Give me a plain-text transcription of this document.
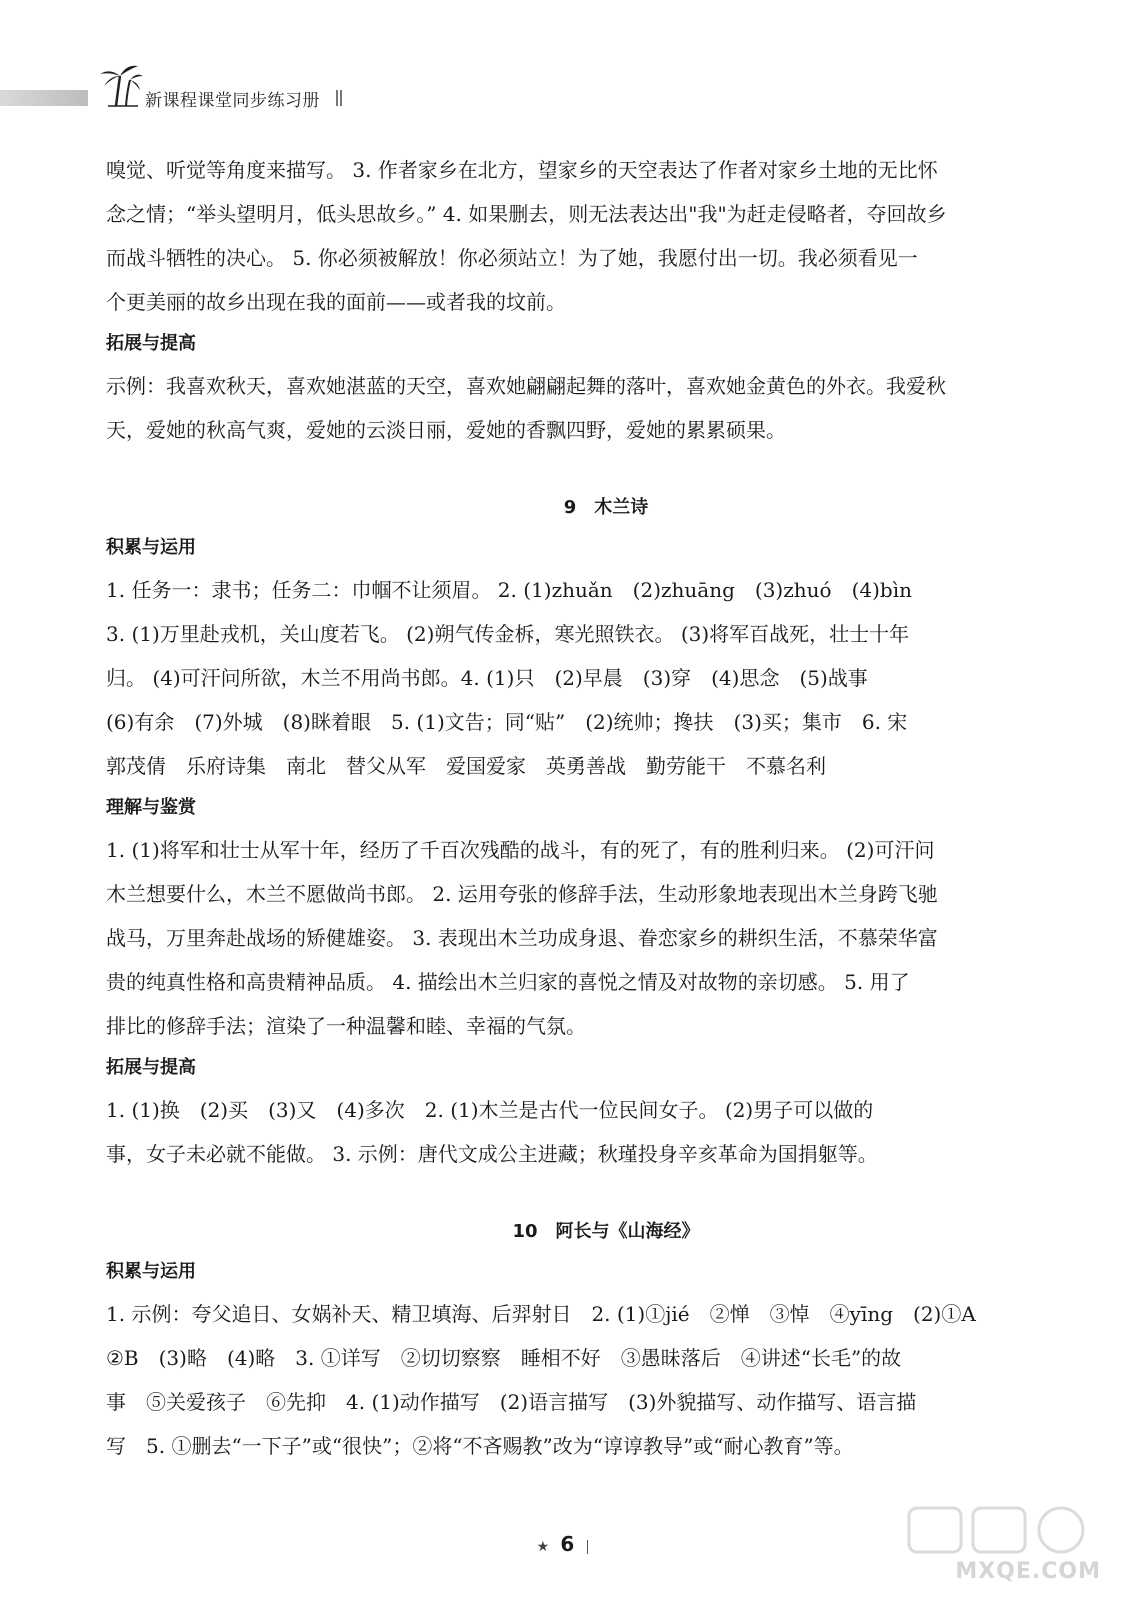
新课程课堂同步练习册

嗅觉、听觉等角度来描写。 3. 作者家乡在北方，望家乡的天空表达了作者对家乡土地的无比怀

念之情；“举头望明月，低头思故乡。” 4. 如果删去，则无法表达出"我"为赶走侵略者，夺回故乡

而战斗牺牲的决心。 5. 你必须被解放！你必须站立！为了她，我愿付出一切。我必须看见一

个更美丽的故乡出现在我的面前——或者我的坟前。

拓展与提高

示例：我喜欢秋天，喜欢她湛蓝的天空，喜欢她翩翩起舞的落叶，喜欢她金黄色的外衣。我爱秋

天，爱她的秋高气爽，爱她的云淡日丽，爱她的香飘四野，爱她的累累硕果。

9　木兰诗

积累与运用

1. 任务一：隶书；任务二：巾帼不让须眉。 2. (1)zhuǎn　(2)zhuāng　(3)zhuó　(4)bìn

3. (1)万里赴戎机，关山度若飞。 (2)朔气传金柝，寒光照铁衣。 (3)将军百战死，壮士十年

归。 (4)可汗问所欲，木兰不用尚书郎。4. (1)只　(2)早晨　(3)穿　(4)思念　(5)战事

(6)有余　(7)外城　(8)眯着眼　5. (1)文告；同“贴”　(2)统帅；搀扶　(3)买；集市　6. 宋

郭茂倩　乐府诗集　南北　替父从军　爱国爱家　英勇善战　勤劳能干　不慕名利

理解与鉴赏

1. (1)将军和壮士从军十年，经历了千百次残酷的战斗，有的死了，有的胜利归来。 (2)可汗问

木兰想要什么，木兰不愿做尚书郎。 2. 运用夸张的修辞手法，生动形象地表现出木兰身跨飞驰

战马，万里奔赴战场的矫健雄姿。 3. 表现出木兰功成身退、眷恋家乡的耕织生活，不慕荣华富

贵的纯真性格和高贵精神品质。 4. 描绘出木兰归家的喜悦之情及对故物的亲切感。 5. 用了

排比的修辞手法；渲染了一种温馨和睦、幸福的气氛。

拓展与提高

1. (1)换　(2)买　(3)又　(4)多次　2. (1)木兰是古代一位民间女子。 (2)男子可以做的

事，女子未必就不能做。 3. 示例：唐代文成公主进藏；秋瑾投身辛亥革命为国捐躯等。

10　阿长与《山海经》

积累与运用

1. 示例：夸父追日、女娲补天、精卫填海、后羿射日　2. (1)①jié　②惮　③悼　④yīng　(2)①A

②B　(3)略　(4)略　3. ①详写　②切切察察　睡相不好　③愚昧落后　④讲述“长毛”的故

事　⑤关爱孩子　⑥先抑　4. (1)动作描写　(2)语言描写　(3)外貌描写、动作描写、语言描

写　5. ①删去“一下子”或“很快”；②将“不吝赐教”改为“谆谆教导”或“耐心教育”等。

★ 6
MXQE.COM
